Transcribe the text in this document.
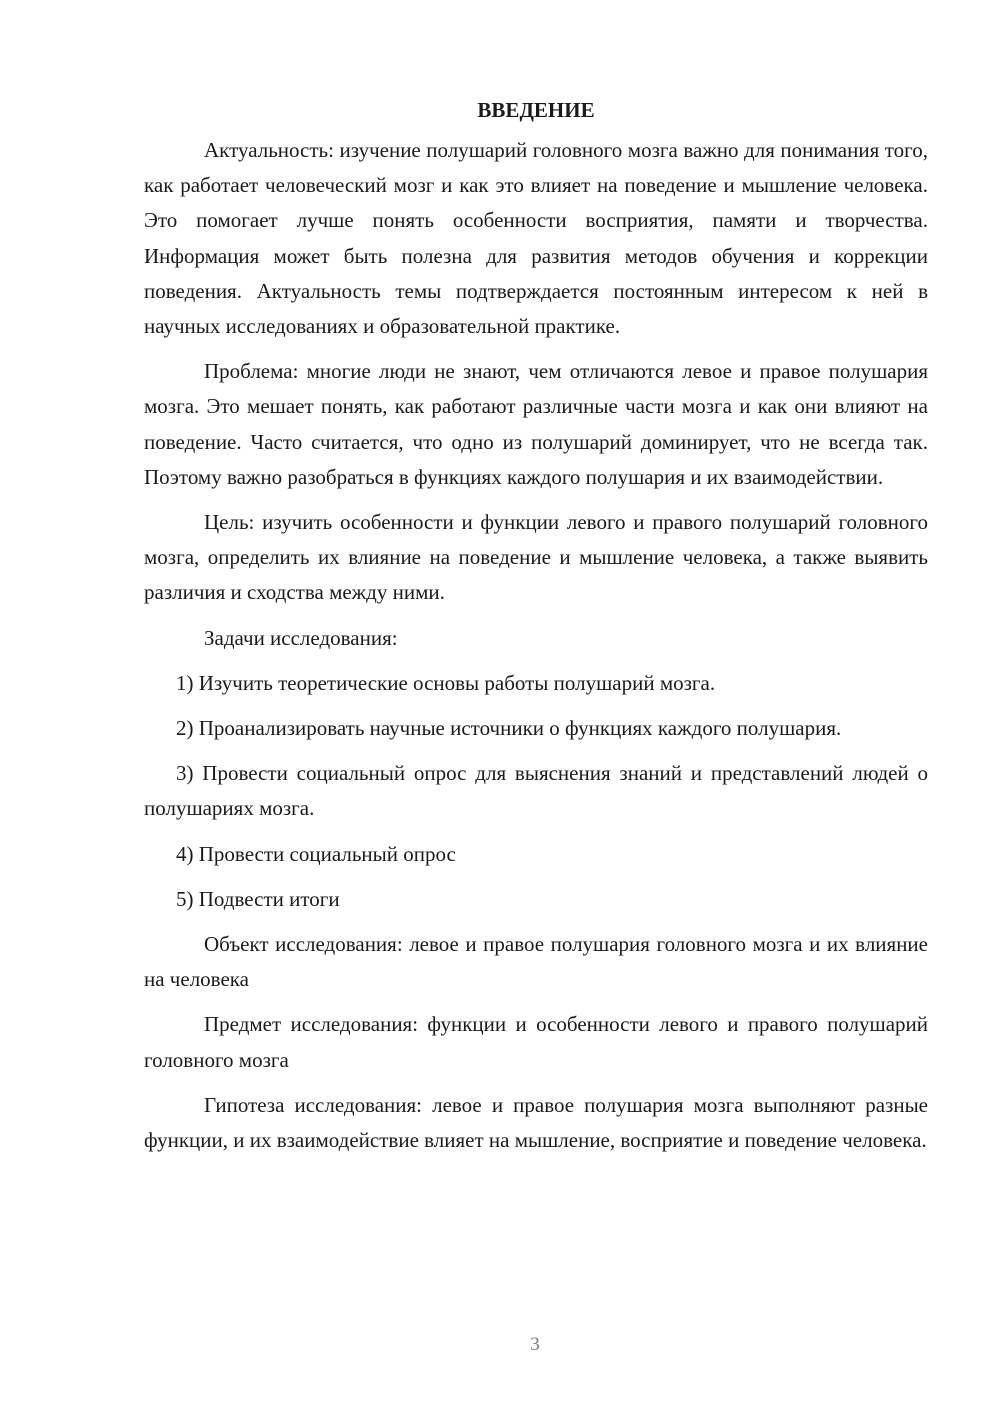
ВВЕДЕНИЕ

Актуальность: изучение полушарий головного мозга важно для понимания того, как работает человеческий мозг и как это влияет на поведение и мышление человека. Это помогает лучше понять особенности восприятия, памяти и творчества. Информация может быть полезна для развития методов обучения и коррекции поведения. Актуальность темы подтверждается постоянным интересом к ней в научных исследованиях и образовательной практике.

Проблема: многие люди не знают, чем отличаются левое и правое полушария мозга. Это мешает понять, как работают различные части мозга и как они влияют на поведение. Часто считается, что одно из полушарий доминирует, что не всегда так. Поэтому важно разобраться в функциях каждого полушария и их взаимодействии.

Цель: изучить особенности и функции левого и правого полушарий головного мозга, определить их влияние на поведение и мышление человека, а также выявить различия и сходства между ними.

Задачи исследования:

1) Изучить теоретические основы работы полушарий мозга.

2) Проанализировать научные источники о функциях каждого полушария.

3) Провести социальный опрос для выяснения знаний и представлений людей о полушариях мозга.

4) Провести социальный опрос

5) Подвести итоги

Объект исследования: левое и правое полушария головного мозга и их влияние на человека

Предмет исследования: функции и особенности левого и правого полушарий головного мозга

Гипотеза исследования: левое и правое полушария мозга выполняют разные функции, и их взаимодействие влияет на мышление, восприятие и поведение человека.

3
